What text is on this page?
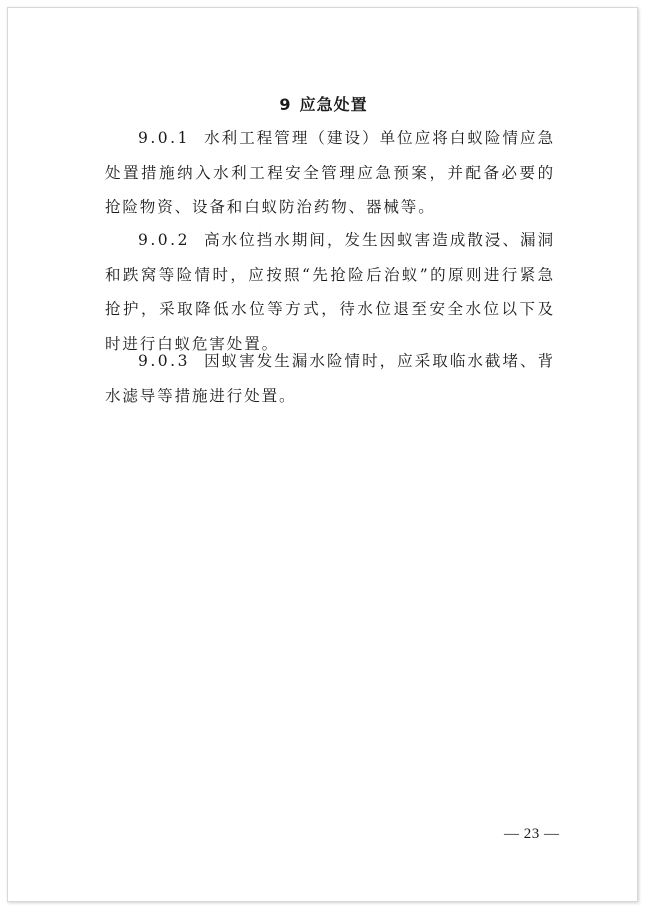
9 应急处置

9.0.1 水利工程管理（建设）单位应将白蚁险情应急处置措施纳入水利工程安全管理应急预案，并配备必要的抢险物资、设备和白蚁防治药物、器械等。

9.0.2 高水位挡水期间，发生因蚁害造成散浸、漏洞和跌窝等险情时，应按照“先抢险后治蚁”的原则进行紧急抢护，采取降低水位等方式，待水位退至安全水位以下及时进行白蚁危害处置。

9.0.3 因蚁害发生漏水险情时，应采取临水截堵、背水滤导等措施进行处置。

— 23 —
